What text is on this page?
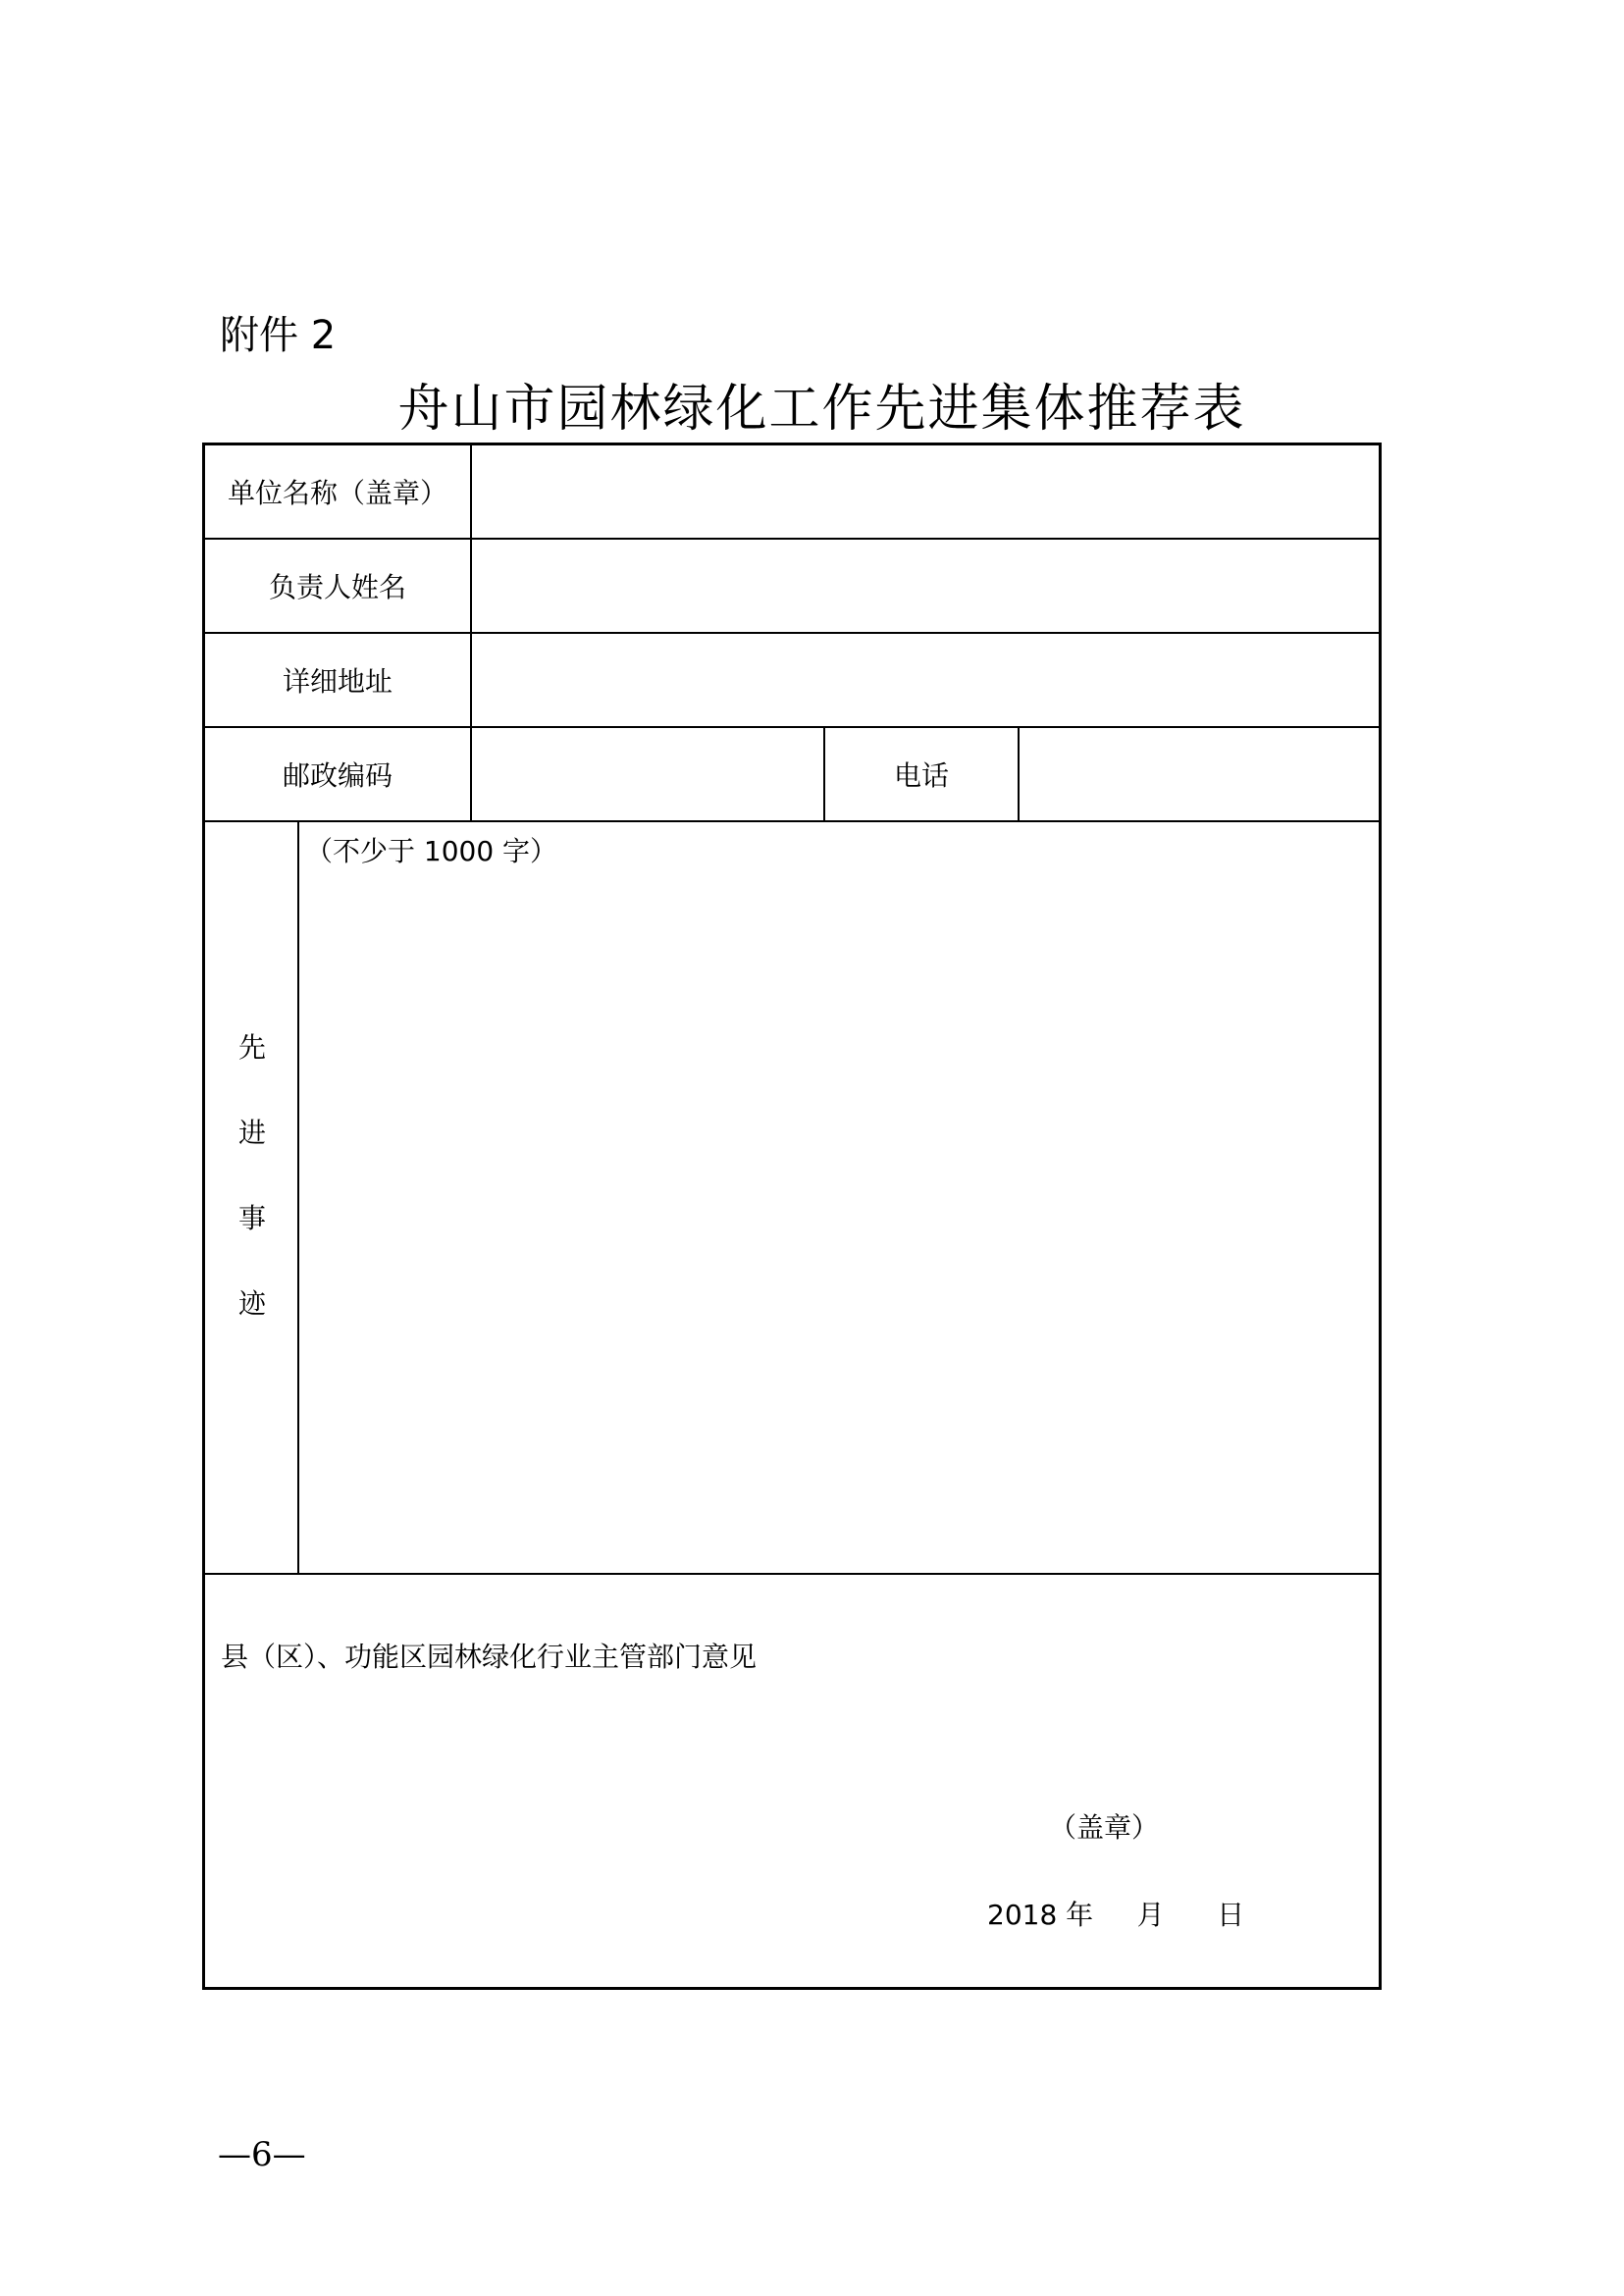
附件 2
舟山市园林绿化工作先进集体推荐表
单位名称（盖章）
负责人姓名
详细地址
邮政编码	电话
先
进
事
迹
（不少于 1000 字）
县（区）、功能区园林绿化行业主管部门意见
（盖章）
2018 年     月      日
—6—
